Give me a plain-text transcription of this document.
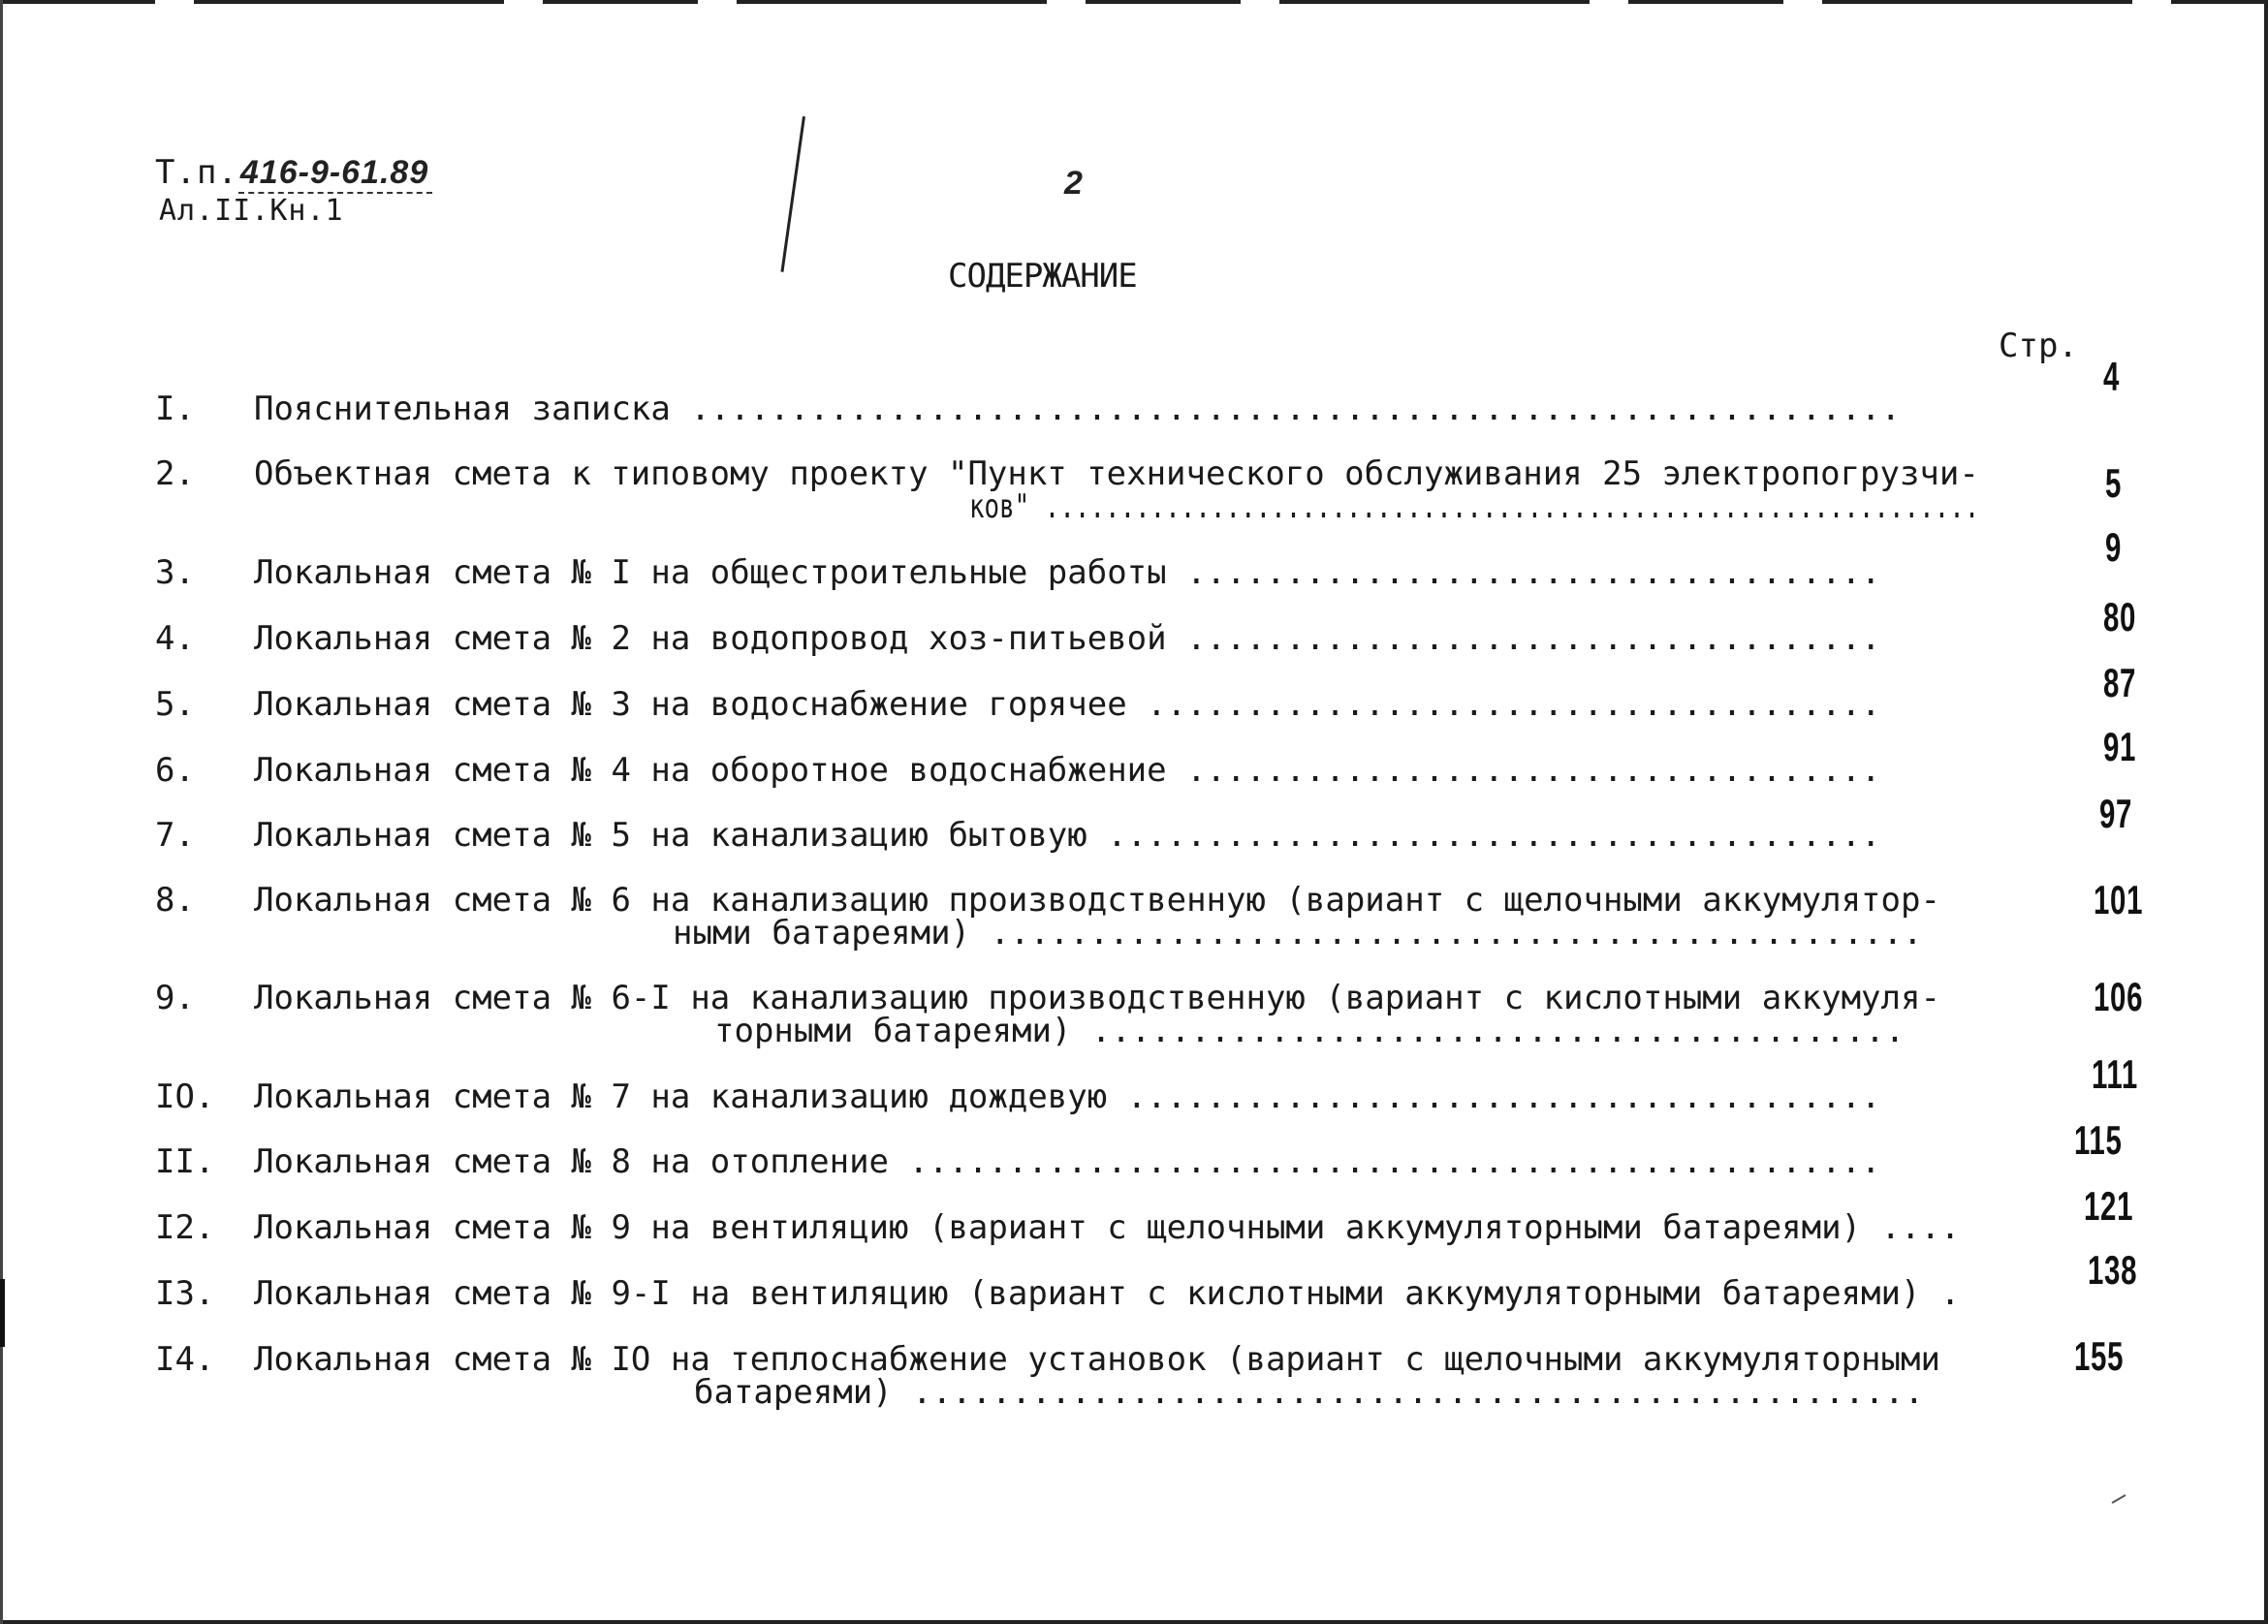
Т.п. 416-9-61.89
Ал.II.Кн.1
2
СОДЕРЖАНИЕ
Стр.
I. Пояснительная записка .............................................................
4
2. Объектная смета к типовому проекту "Пункт технического обслуживания 25 электропогрузчи-
ков" ..............................................................
5
3. Локальная смета № I на общестроительные работы ...................................
9
4. Локальная смета № 2 на водопровод хоз-питьевой ...................................	80
5. Локальная смета № 3 на водоснабжение горячее .....................................	87
6. Локальная смета № 4 на оборотное водоснабжение ...................................
91
7. Локальная смета № 5 на канализацию бытовую .......................................	97
8. Локальная смета № 6 на канализацию производственную (вариант с щелочными аккумулятор-
ными батареями) ...............................................
101
9. Локальная смета № 6-I на канализацию производственную (вариант с кислотными аккумуля-
торными батареями) .........................................
106
IO. Локальная смета № 7 на канализацию дождевую ......................................	111
II. Локальная смета № 8 на отопление .................................................	115
I2. Локальная смета № 9 на вентиляцию (вариант с щелочными аккумуляторными батареями) ....	121
I3. Локальная смета № 9-I на вентиляцию (вариант с кислотными аккумуляторными батареями) .
138
I4. Локальная смета № IO на теплоснабжение установок (вариант с щелочными аккумуляторными
батареями) ...................................................
155
